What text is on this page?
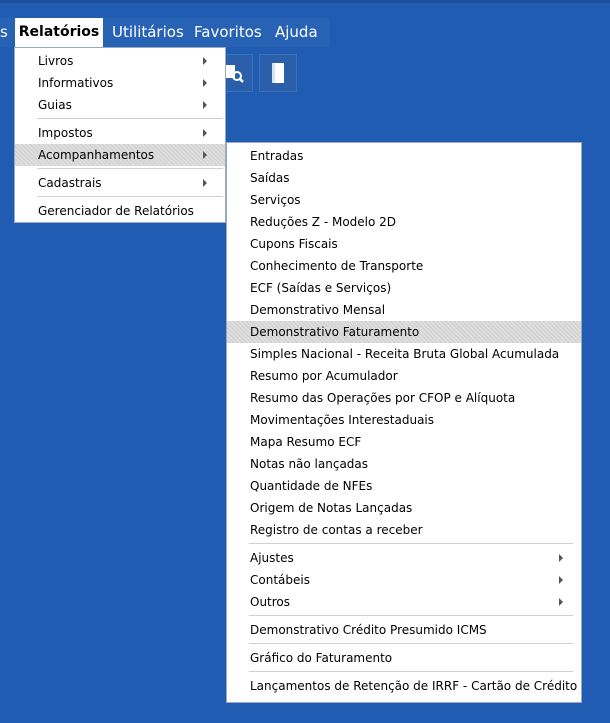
s Relatórios Utilitários Favoritos Ajuda
Livros
Informativos
Guias
Impostos
Acompanhamentos
Cadastrais
Gerenciador de Relatórios
Entradas
Saídas
Serviços
Reduções Z - Modelo 2D
Cupons Fiscais
Conhecimento de Transporte
ECF (Saídas e Serviços)
Demonstrativo Mensal
Demonstrativo Faturamento
Simples Nacional - Receita Bruta Global Acumulada
Resumo por Acumulador
Resumo das Operações por CFOP e Alíquota
Movimentações Interestaduais
Mapa Resumo ECF
Notas não lançadas
Quantidade de NFEs
Origem de Notas Lançadas
Registro de contas a receber
Ajustes
Contábeis
Outros
Demonstrativo Crédito Presumido ICMS
Gráfico do Faturamento
Lançamentos de Retenção de IRRF - Cartão de Crédito
